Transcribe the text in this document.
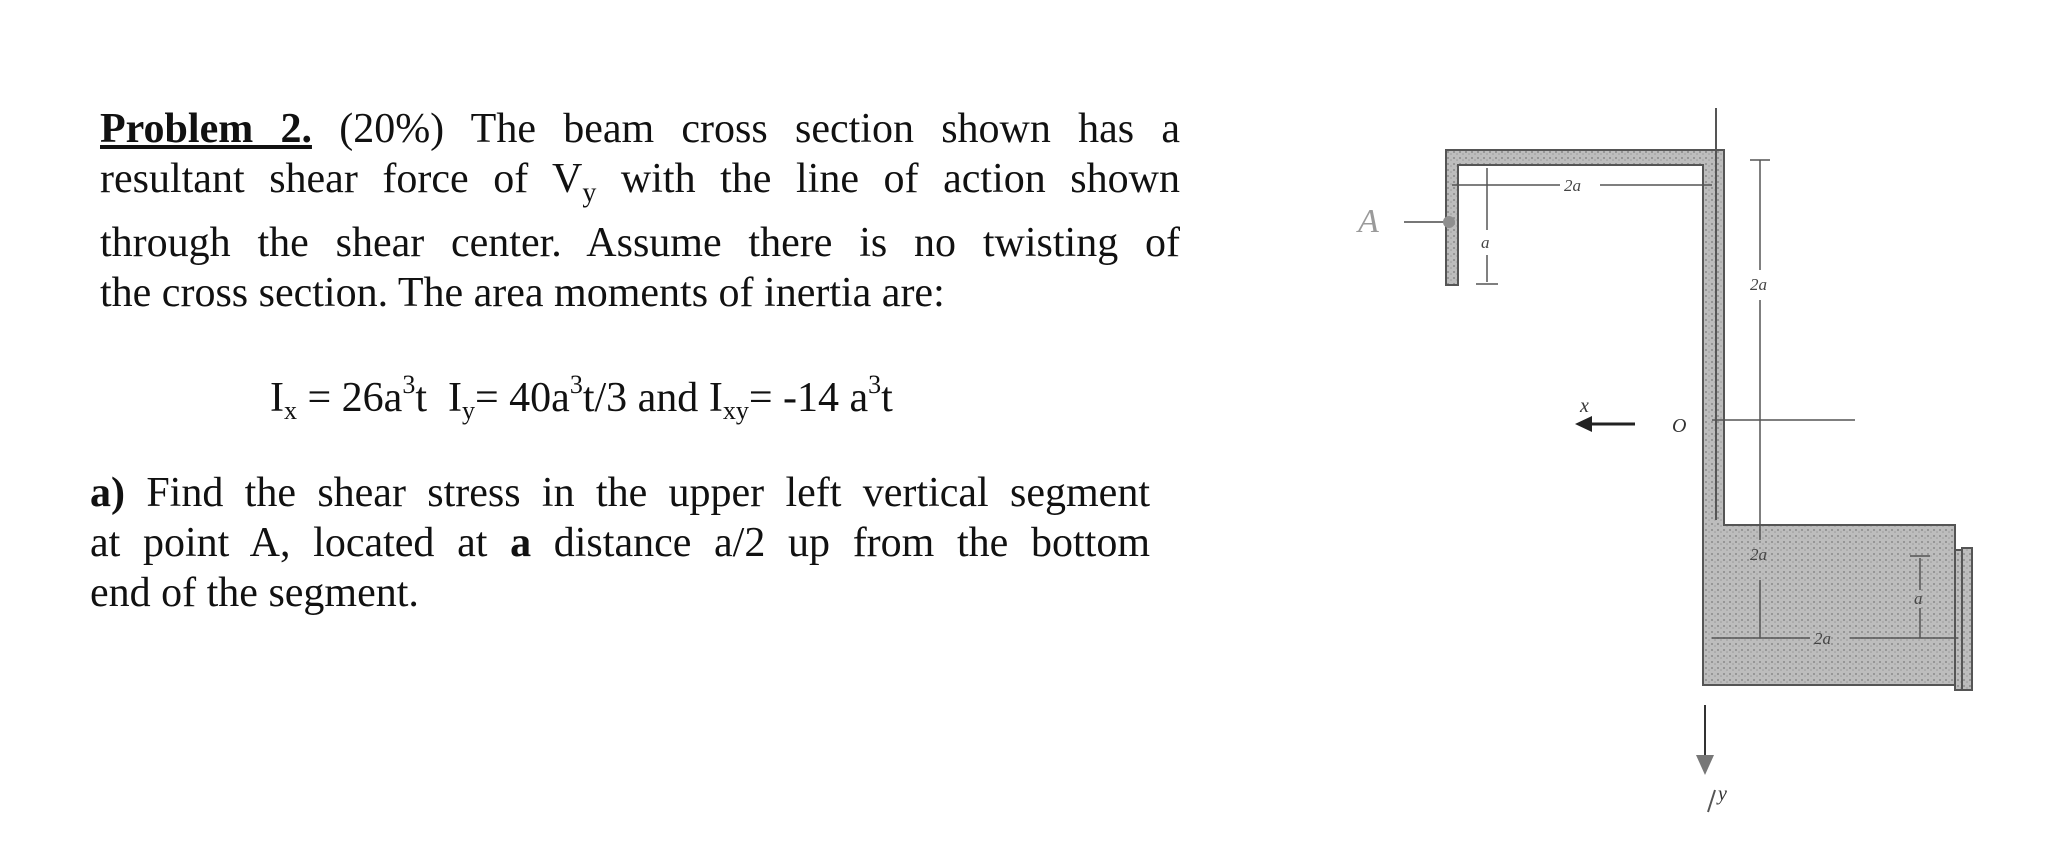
Problem 2. (20%) The beam cross section shown has a
resultant shear force of $V_y$ with the line of action shown
through the shear center. Assume there is no twisting of
the cross section. The area moments of inertia are:
$I_x = 26a^3t$  $I_y= 40a^3t/3$ and $I_{xy}= -14$ $a^3t$
a) Find the shear stress in the upper left vertical segment
at point A, located at a distance a/2 up from the bottom
end of the segment.
A
O
x
y
2a
a
2a
2a
2a
a
